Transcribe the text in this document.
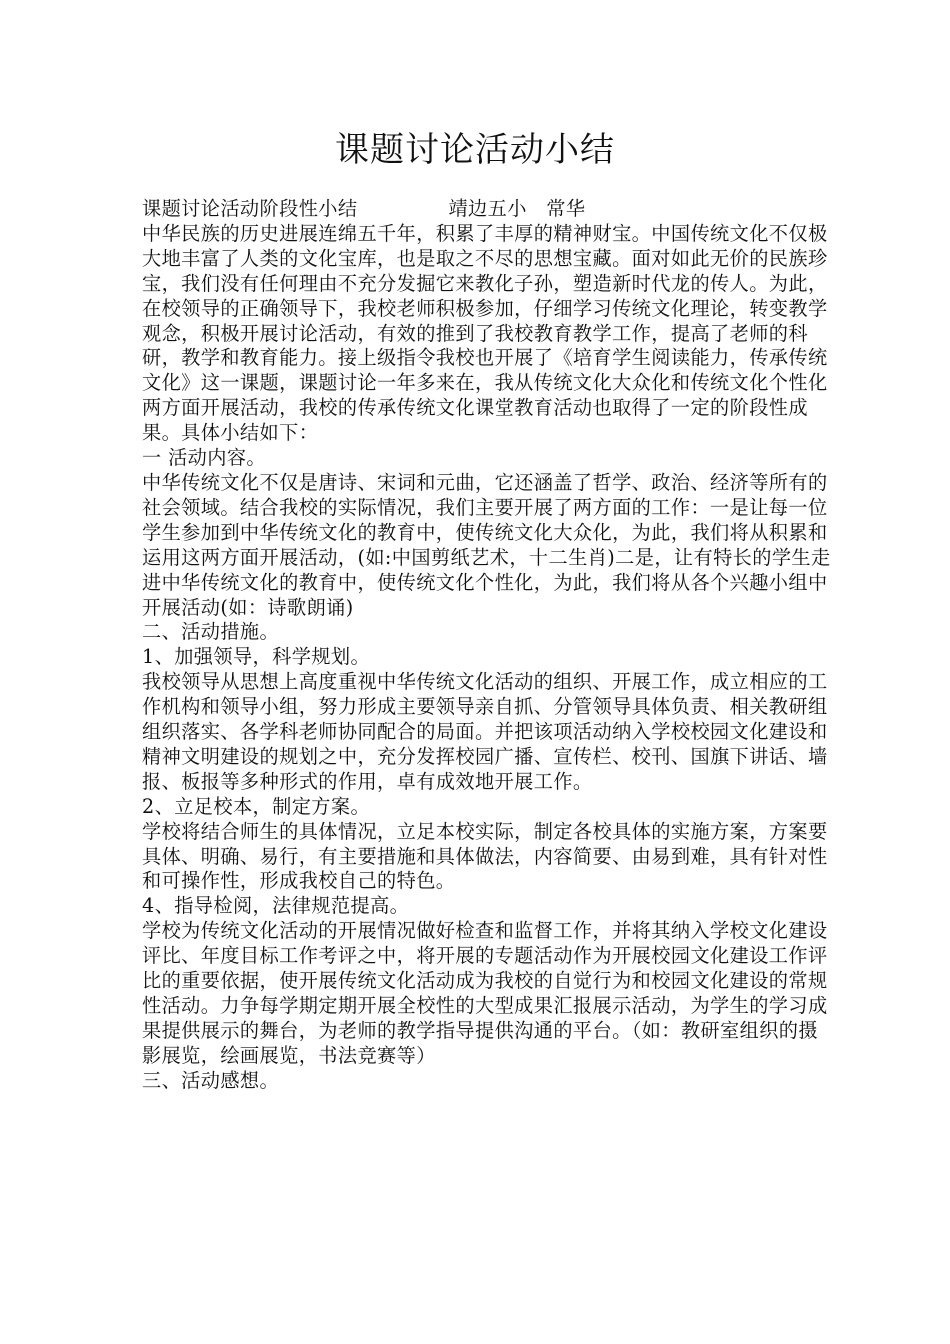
课题讨论活动小结

课题讨论活动阶段性小结              靖边五小   常华

中华民族的历史进展连绵五千年，积累了丰厚的精神财宝。中国传统文化不仅极大地丰富了人类的文化宝库，也是取之不尽的思想宝藏。面对如此无价的民族珍宝，我们没有任何理由不充分发掘它来教化子孙，塑造新时代龙的传人。为此，在校领导的正确领导下，我校老师积极参加，仔细学习传统文化理论，转变教学观念，积极开展讨论活动，有效的推到了我校教育教学工作，提高了老师的科研，教学和教育能力。接上级指令我校也开展了《培育学生阅读能力，传承传统文化》这一课题，课题讨论一年多来在，我从传统文化大众化和传统文化个性化两方面开展活动，我校的传承传统文化课堂教育活动也取得了一定的阶段性成果。具体小结如下：

一 活动内容。

中华传统文化不仅是唐诗、宋词和元曲，它还涵盖了哲学、政治、经济等所有的社会领域。结合我校的实际情况，我们主要开展了两方面的工作：一是让每一位学生参加到中华传统文化的教育中，使传统文化大众化，为此，我们将从积累和运用这两方面开展活动，(如:中国剪纸艺术，十二生肖)二是，让有特长的学生走进中华传统文化的教育中，使传统文化个性化，为此，我们将从各个兴趣小组中开展活动(如：诗歌朗诵)

二、活动措施。

1、加强领导，科学规划。

我校领导从思想上高度重视中华传统文化活动的组织、开展工作，成立相应的工作机构和领导小组，努力形成主要领导亲自抓、分管领导具体负责、相关教研组组织落实、各学科老师协同配合的局面。并把该项活动纳入学校校园文化建设和精神文明建设的规划之中，充分发挥校园广播、宣传栏、校刊、国旗下讲话、墙报、板报等多种形式的作用，卓有成效地开展工作。

2、立足校本，制定方案。

学校将结合师生的具体情况，立足本校实际，制定各校具体的实施方案，方案要具体、明确、易行，有主要措施和具体做法，内容简要、由易到难，具有针对性和可操作性，形成我校自己的特色。

4、指导检阅，法律规范提高。

学校为传统文化活动的开展情况做好检查和监督工作，并将其纳入学校文化建设评比、年度目标工作考评之中，将开展的专题活动作为开展校园文化建设工作评比的重要依据，使开展传统文化活动成为我校的自觉行为和校园文化建设的常规性活动。力争每学期定期开展全校性的大型成果汇报展示活动，为学生的学习成果提供展示的舞台，为老师的教学指导提供沟通的平台。（如：教研室组织的摄影展览，绘画展览，书法竞赛等）

三、活动感想。
